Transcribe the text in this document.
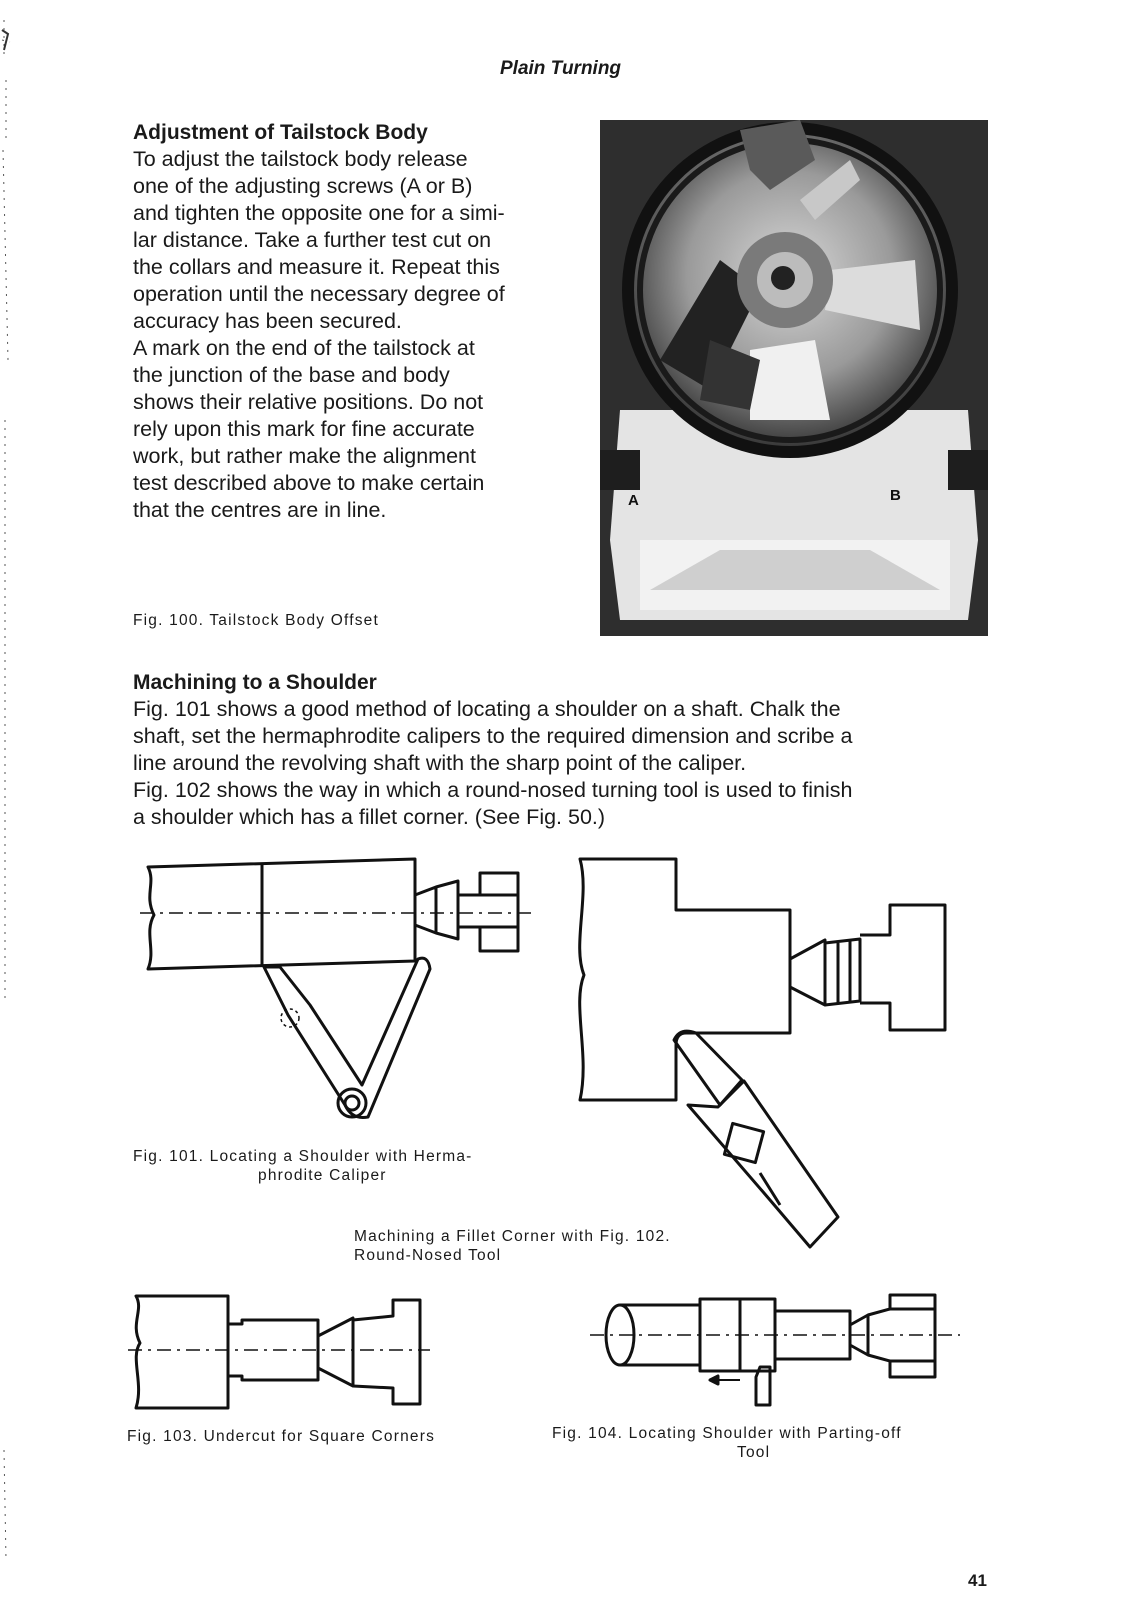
Plain Turning
Adjustment of Tailstock Body
To adjust the tailstock body release
one of the adjusting screws (A or B)
and tighten the opposite one for a simi-
lar distance. Take a further test cut on
the collars and measure it. Repeat this
operation until the necessary degree of
accuracy has been secured.
A mark on the end of the tailstock at
the junction of the base and body
shows their relative positions. Do not
rely upon this mark for fine accurate
work, but rather make the alignment
test described above to make certain
that the centres are in line.	A	B
Fig. 100. Tailstock Body Offset
Machining to a Shoulder
Fig. 101 shows a good method of locating a shoulder on a shaft. Chalk the
shaft, set the hermaphrodite calipers to the required dimension and scribe a
line around the revolving shaft with the sharp point of the caliper.
Fig. 102 shows the way in which a round-nosed turning tool is used to finish
a shoulder which has a fillet corner. (See Fig. 50.)
Fig. 101. Locating a Shoulder with Herma-
phrodite Caliper
Machining a Fillet Corner with Fig. 102.
Round-Nosed Tool
Fig. 103. Undercut for Square Corners	Fig. 104. Locating Shoulder with Parting-off
Tool
41
